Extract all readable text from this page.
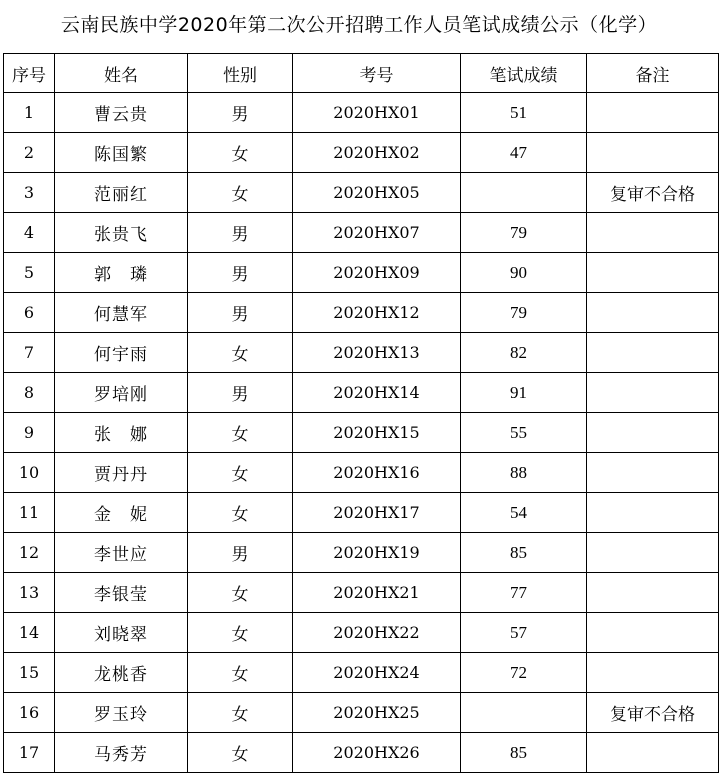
云南民族中学2020年第二次公开招聘工作人员笔试成绩公示（化学）
序号	姓名	性别	考号	笔试成绩	备注
1	曹云贵	男	2020HX01	51	
2	陈国繁	女	2020HX02	47	
3	范丽红	女	2020HX05		复审不合格
4	张贵飞	男	2020HX07	79	
5	郭　璘	男	2020HX09	90	
6	何慧军	男	2020HX12	79	
7	何宇雨	女	2020HX13	82	
8	罗培刚	男	2020HX14	91	
9	张　娜	女	2020HX15	55	
10	贾丹丹	女	2020HX16	88	
11	金　妮	女	2020HX17	54	
12	李世应	男	2020HX19	85	
13	李银莹	女	2020HX21	77	
14	刘晓翠	女	2020HX22	57	
15	龙桃香	女	2020HX24	72	
16	罗玉玲	女	2020HX25		复审不合格
17	马秀芳	女	2020HX26	85	
